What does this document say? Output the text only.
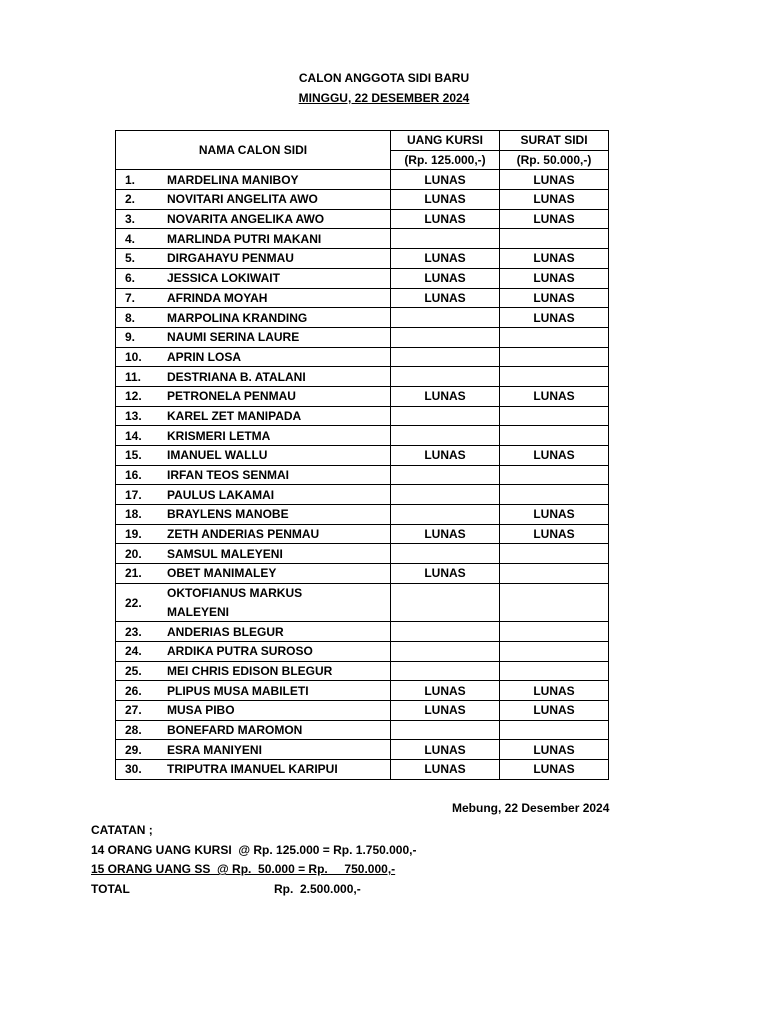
CALON ANGGOTA SIDI BARU
MINGGU, 22 DESEMBER 2024
NAMA CALON SIDI		UANG KURSI	SURAT SIDI
		(Rp. 125.000,-)	(Rp. 50.000,-)
1.	MARDELINA MANIBOY	LUNAS	LUNAS
2.	NOVITARI ANGELITA AWO	LUNAS	LUNAS
3.	NOVARITA ANGELIKA AWO	LUNAS	LUNAS
4.	MARLINDA PUTRI MAKANI		
5.	DIRGAHAYU PENMAU	LUNAS	LUNAS
6.	JESSICA LOKIWAIT	LUNAS	LUNAS
7.	AFRINDA MOYAH	LUNAS	LUNAS
8.	MARPOLINA KRANDING		LUNAS
9.	NAUMI SERINA LAURE		
10.	APRIN LOSA		
11.	DESTRIANA B. ATALANI		
12.	PETRONELA PENMAU	LUNAS	LUNAS
13.	KAREL ZET MANIPADA		
14.	KRISMERI LETMA		
15.	IMANUEL WALLU	LUNAS	LUNAS
16.	IRFAN TEOS SENMAI		
17.	PAULUS LAKAMAI		
18.	BRAYLENS MANOBE		LUNAS
19.	ZETH ANDERIAS PENMAU	LUNAS	LUNAS
20.	SAMSUL MALEYENI		
21.	OBET MANIMALEY	LUNAS	
22.	OKTOFIANUS MARKUS		
	MALEYENI		
23.	ANDERIAS BLEGUR		
24.	ARDIKA PUTRA SUROSO		
25.	MEI CHRIS EDISON BLEGUR		
26.	PLIPUS MUSA MABILETI	LUNAS	LUNAS
27.	MUSA PIBO	LUNAS	LUNAS
28.	BONEFARD MAROMON		
29.	ESRA MANIYENI	LUNAS	LUNAS
30.	TRIPUTRA IMANUEL KARIPUI	LUNAS	LUNAS
Mebung, 22 Desember 2024
CATATAN ;
14 ORANG UANG KURSI  @ Rp. 125.000 = Rp. 1.750.000,-
15 ORANG UANG SS  @ Rp.  50.000 = Rp.     750.000,-
TOTAL	Rp.  2.500.000,-
